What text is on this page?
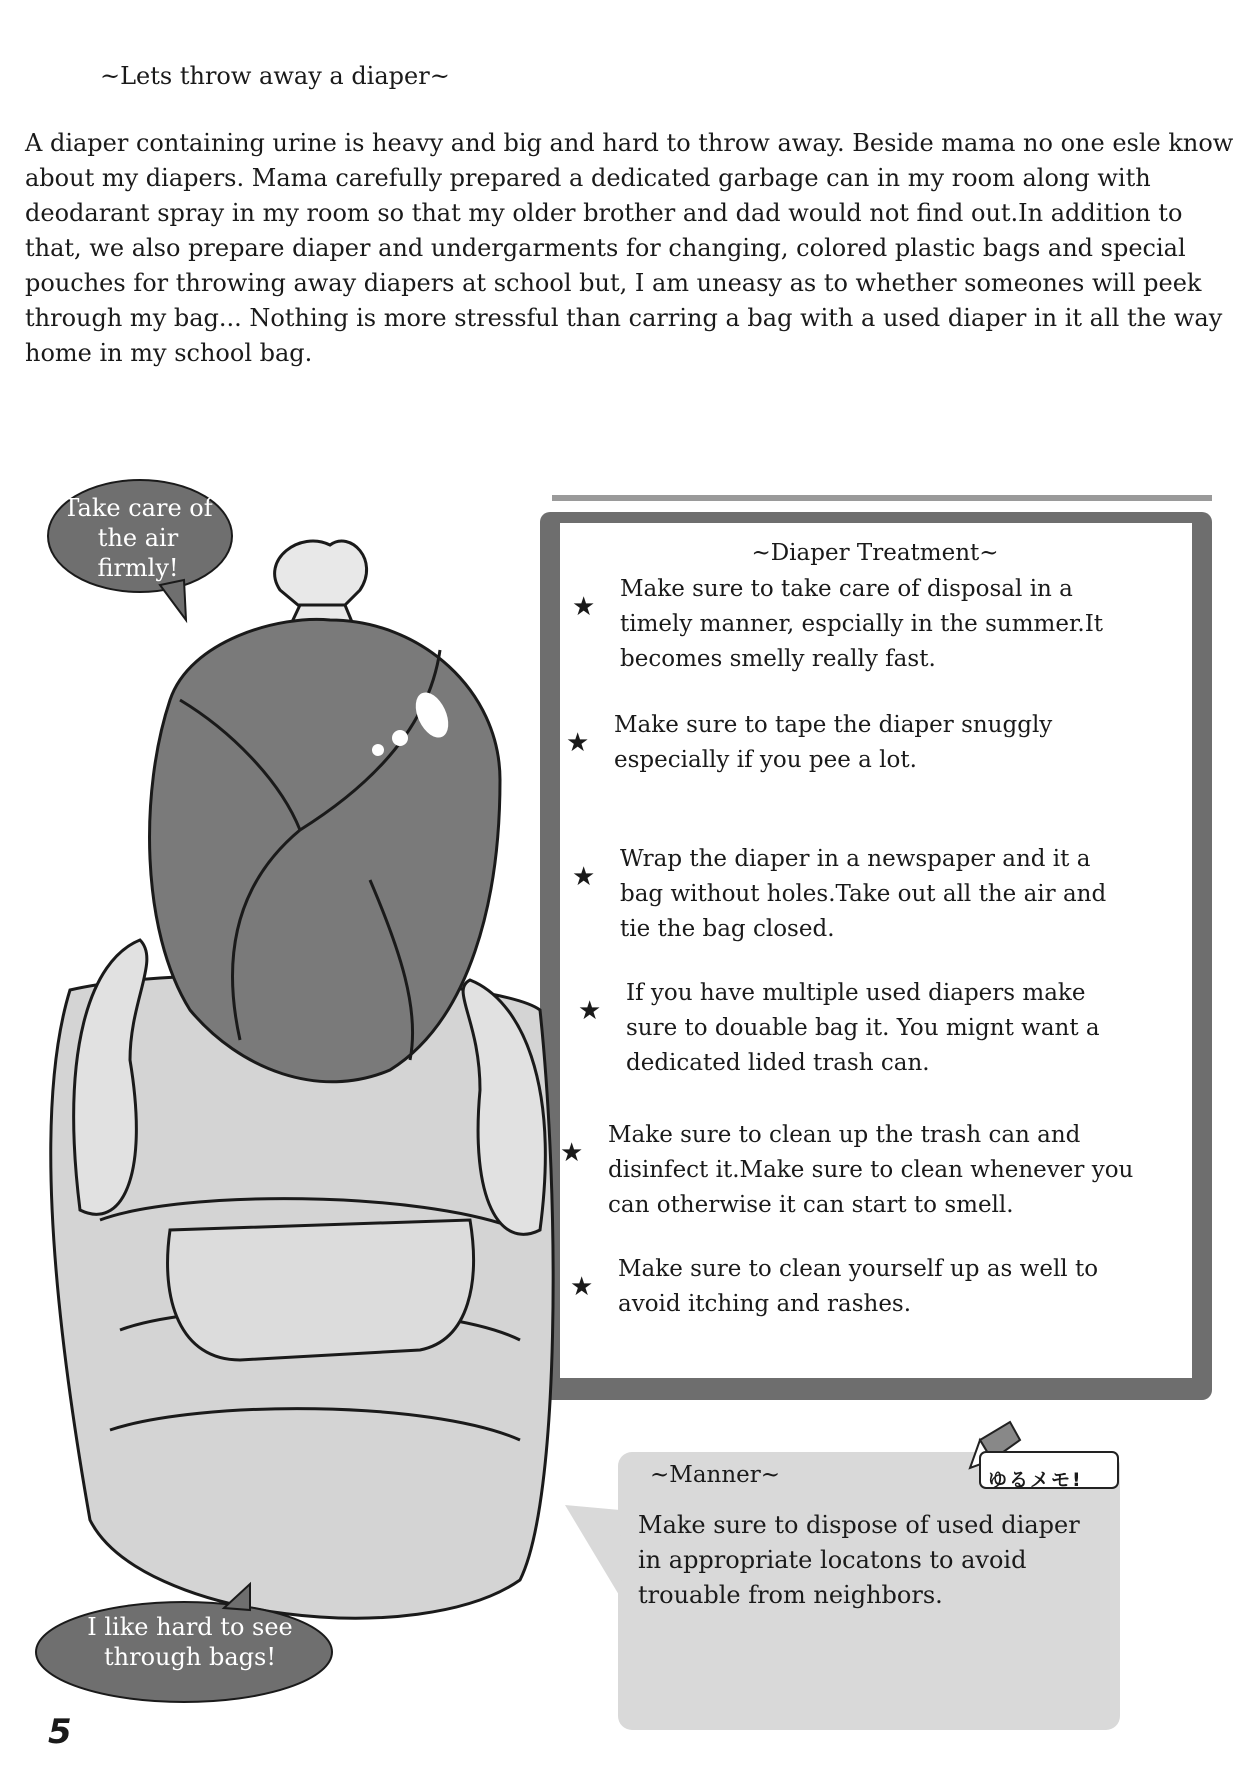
~Lets throw away a diaper~

A diaper containing urine is heavy and big and hard to throw away. Beside mama no one esle know about my diapers. Mama carefully prepared a dedicated garbage can in my room along with deodarant spray in my room so that my older brother and dad would not find out.In addition to that, we also prepare diaper and undergarments for changing, colored plastic bags and special pouches for throwing away diapers at school but, I am uneasy as to whether someones will peek through my bag... Nothing is more stressful than carring a bag with a used diaper in it all the way home in my school bag.

Take care of the air firmly!
I like hard to see through bags!
~Diaper Treatment~
★
Make sure to take care of disposal in a timely manner, espcially in the summer.It becomes smelly really fast.
★
Make sure to tape the diaper snuggly especially if you pee a lot.
★
Wrap the diaper in a newspaper and it a bag without holes.Take out all the air and tie the bag closed.
★
If you have multiple used diapers make sure to douable bag it. You mignt want a dedicated lided trash can.
★
Make sure to clean up the trash can and disinfect it.Make sure to clean whenever you can otherwise it can start to smell.
★
Make sure to clean yourself up as well to avoid itching and rashes.
~Manner~	ゆるメモ!

Make sure to dispose of used diaper in appropriate locatons to avoid trouable from neighbors.

5
